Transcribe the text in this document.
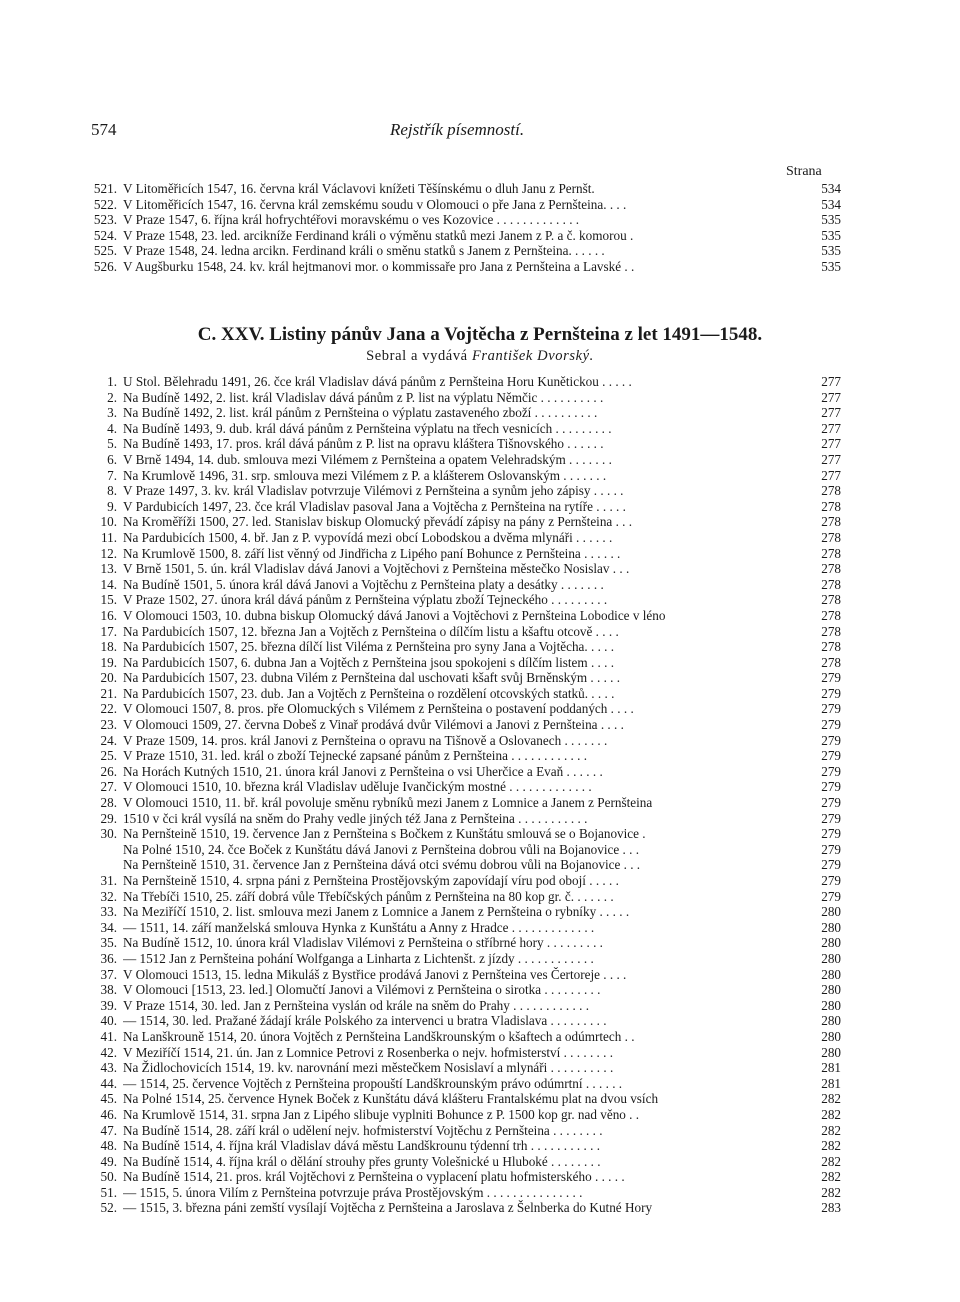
574	Rejstřík písemností.
Strana
521. V Litoměřicích 1547, 16. června král Václavovi knížeti Těšínskému o dluh Janu z Pernšt.	534
522. V Litoměřicích 1547, 16. června král zemskému soudu v Olomouci o pře Jana z Pernšteina. . . .	534
523. V Praze 1547, 6. října král hofrychtéřovi moravskému o ves Kozovice . . . . . . . . . . . . .	535
524. V Praze 1548, 23. led. arcikníže Ferdinand králi o výměnu statků mezi Janem z P. a č. komorou .	535
525. V Praze 1548, 24. ledna arcikn. Ferdinand králi o směnu statků s Janem z Pernšteina. . . . . .	535
526. V Augšburku 1548, 24. kv. král hejtmanovi mor. o kommissaře pro Jana z Pernšteina a Lavské . .	535
C. XXV. Listiny pánův Jana a Vojtěcha z Pernšteina z let 1491—1548.
Sebral a vydává František Dvorský.
1. U Stol. Bělehradu 1491, 26. čce král Vladislav dává pánům z Pernšteina Horu Kunětickou . . . . .	277
2. Na Budíně 1492, 2. list. král Vladislav dává pánům z P. list na výplatu Němčic . . . . . . . . . .	277
3. Na Budíně 1492, 2. list. král pánům z Pernšteina o výplatu zastaveného zboží . . . . . . . . . .	277
4. Na Budíně 1493, 9. dub. král dává pánům z Pernšteina výplatu na třech vesnicích . . . . . . . . .	277
5. Na Budíně 1493, 17. pros. král dává pánům z P. list na opravu kláštera Tišnovského . . . . . .	277
6. V Brně 1494, 14. dub. smlouva mezi Vilémem z Pernšteina a opatem Velehradským . . . . . . .	277
7. Na Krumlově 1496, 31. srp. smlouva mezi Vilémem z P. a klášterem Oslovanským . . . . . . .	277
8. V Praze 1497, 3. kv. král Vladislav potvrzuje Vilémovi z Pernšteina a synům jeho zápisy . . . . .	278
9. V Pardubicích 1497, 23. čce král Vladislav pasoval Jana a Vojtěcha z Pernšteina na rytíře . . . . .	278
10. Na Kroměříži 1500, 27. led. Stanislav biskup Olomucký převádí zápisy na pány z Pernšteina . . .	278
11. Na Pardubicích 1500, 4. bř. Jan z P. vypovídá mezi obcí Lobodskou a dvěma mlynáři . . . . . .	278
12. Na Krumlově 1500, 8. září list věnný od Jindřicha z Lipého paní Bohunce z Pernšteina . . . . . .	278
13. V Brně 1501, 5. ún. král Vladislav dává Janovi a Vojtěchovi z Pernšteina městečko Nosislav . . .	278
14. Na Budíně 1501, 5. února král dává Janovi a Vojtěchu z Pernšteina platy a desátky . . . . . . .	278
15. V Praze 1502, 27. února král dává pánům z Pernšteina výplatu zboží Tejneckého . . . . . . . . .	278
16. V Olomouci 1503, 10. dubna biskup Olomucký dává Janovi a Vojtěchovi z Pernšteina Lobodice v léno	278
17. Na Pardubicích 1507, 12. března Jan a Vojtěch z Pernšteina o dílčím listu a kšaftu otcově . . . .	278
18. Na Pardubicích 1507, 25. března dílčí list Viléma z Pernšteina pro syny Jana a Vojtěcha. . . . .	278
19. Na Pardubicích 1507, 6. dubna Jan a Vojtěch z Pernšteina jsou spokojeni s dílčím listem . . . .	278
20. Na Pardubicích 1507, 23. dubna Vilém z Pernšteina dal uschovati kšaft svůj Brněnským . . . . .	279
21. Na Pardubicích 1507, 23. dub. Jan a Vojtěch z Pernšteina o rozdělení otcovských statků. . . . .	279
22. V Olomouci 1507, 8. pros. pře Olomuckých s Vilémem z Pernšteina o postavení poddaných . . . .	279
23. V Olomouci 1509, 27. června Dobeš z Vinař prodává dvůr Vilémovi a Janovi z Pernšteina . . . .	279
24. V Praze 1509, 14. pros. král Janovi z Pernšteina o opravu na Tišnově a Oslovanech . . . . . . .	279
25. V Praze 1510, 31. led. král o zboží Tejnecké zapsané pánům z Pernšteina . . . . . . . . . . . .	279
26. Na Horách Kutných 1510, 21. února král Janovi z Pernšteina o vsi Uherčice a Evaň . . . . . .	279
27. V Olomouci 1510, 10. března král Vladislav uděluje Ivančickým mostné . . . . . . . . . . . . .	279
28. V Olomouci 1510, 11. bř. král povoluje směnu rybníků mezi Janem z Lomnice a Janem z Pernšteina	279
29. 1510 v čci král vysílá na sněm do Prahy vedle jiných též Jana z Pernšteina . . . . . . . . . . .	279
30. Na Pernšteině 1510, 19. července Jan z Pernšteina s Bočkem z Kunštátu smlouvá se o Bojanovice .	279
Na Polné 1510, 24. čce Boček z Kunštátu dává Janovi z Pernšteina dobrou vůli na Bojanovice . . .	279
Na Pernšteině 1510, 31. července Jan z Pernšteina dává otci svému dobrou vůli na Bojanovice . . .	279
31. Na Pernšteině 1510, 4. srpna páni z Pernšteina Prostějovským zapovídají víru pod obojí . . . . .	279
32. Na Třebíči 1510, 25. září dobrá vůle Třebíčských pánům z Pernšteina na 80 kop gr. č. . . . . . .	279
33. Na Meziříčí 1510, 2. list. smlouva mezi Janem z Lomnice a Janem z Pernšteina o rybníky . . . . .	280
34. — 1511, 14. září manželská smlouva Hynka z Kunštátu a Anny z Hradce . . . . . . . . . . . . .	280
35. Na Budíně 1512, 10. února král Vladislav Vilémovi z Pernšteina o stříbrné hory . . . . . . . . .	280
36. — 1512 Jan z Pernšteina pohání Wolfganga a Linharta z Lichtenšt. z jízdy . . . . . . . . . . . .	280
37. V Olomouci 1513, 15. ledna Mikuláš z Bystřice prodává Janovi z Pernšteina ves Čertoreje . . . .	280
38. V Olomouci [1513, 23. led.] Olomučtí Janovi a Vilémovi z Pernšteina o sirotka . . . . . . . . .	280
39. V Praze 1514, 30. led. Jan z Pernšteina vyslán od krále na sněm do Prahy . . . . . . . . . . . .	280
40. — 1514, 30. led. Pražané žádají krále Polského za intervenci u bratra Vladislava . . . . . . . . .	280
41. Na Lanškrouně 1514, 20. února Vojtěch z Pernšteina Landškrounským o kšaftech a odúmrtech . .	280
42. V Meziříčí 1514, 21. ún. Jan z Lomnice Petrovi z Rosenberka o nejv. hofmisterství . . . . . . . .	280
43. Na Židlochovicích 1514, 19. kv. narovnání mezi městečkem Nosislaví a mlynáři . . . . . . . . . .	281
44. — 1514, 25. července Vojtěch z Pernšteina propouští Landškrounským právo odúmrtní . . . . . .	281
45. Na Polné 1514, 25. července Hynek Boček z Kunštátu dává klášteru Frantalskému plat na dvou vsích	282
46. Na Krumlově 1514, 31. srpna Jan z Lipého slibuje vyplniti Bohunce z P. 1500 kop gr. nad věno . .	282
47. Na Budíně 1514, 28. září král o udělení nejv. hofmisterství Vojtěchu z Pernšteina . . . . . . . .	282
48. Na Budíně 1514, 4. října král Vladislav dává městu Landškrounu týdenní trh . . . . . . . . . . .	282
49. Na Budíně 1514, 4. října král o dělání strouhy přes grunty Volešnické u Hluboké . . . . . . . .	282
50. Na Budíně 1514, 21. pros. král Vojtěchovi z Pernšteina o vyplacení platu hofmisterského . . . . .	282
51. — 1515, 5. února Vilím z Pernšteina potvrzuje práva Prostějovským . . . . . . . . . . . . . . .	282
52. — 1515, 3. března páni zemští vysílají Vojtěcha z Pernšteina a Jaroslava z Šelnberka do Kutné Hory	283
